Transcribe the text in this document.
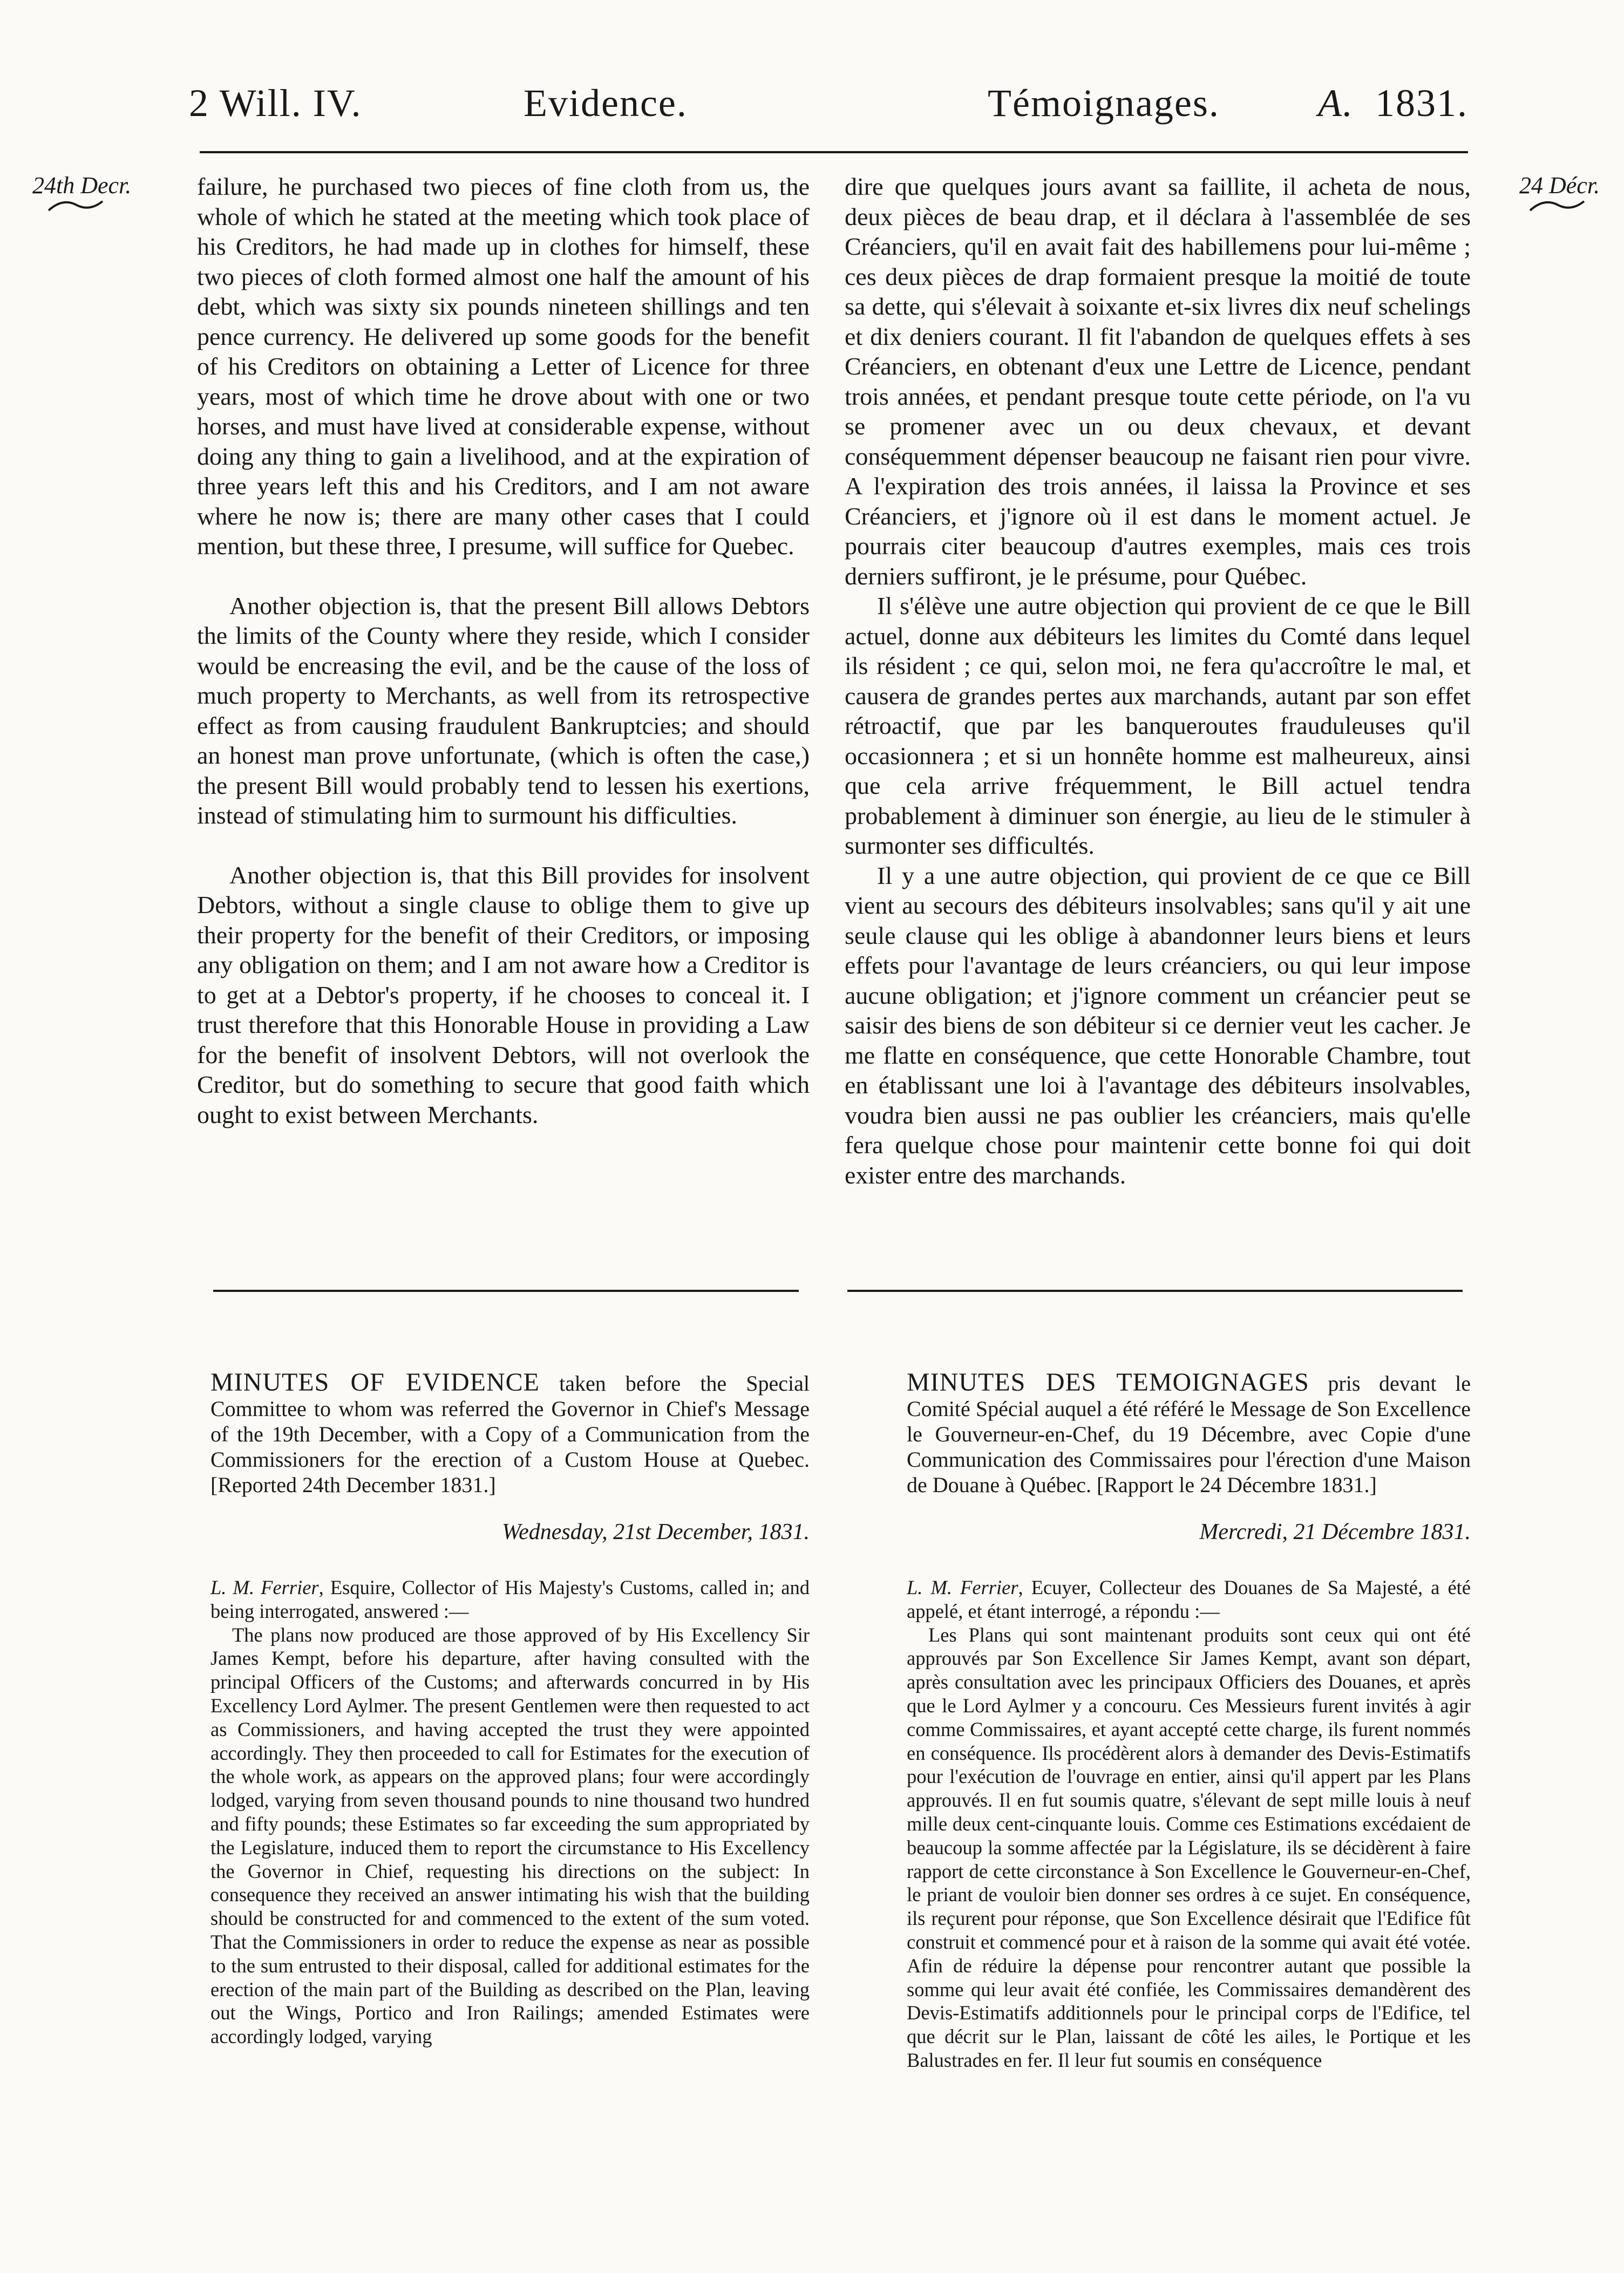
2 Will. IV.	Evidence.	Témoignages.	A. 1831.
24th Decr.	24 Décr.

failure, he purchased two pieces of fine cloth from us, the whole of which he stated at the meeting which took place of his Creditors, he had made up in clothes for himself, these two pieces of cloth formed almost one half the amount of his debt, which was sixty six pounds nineteen shillings and ten pence currency. He delivered up some goods for the benefit of his Creditors on obtaining a Letter of Licence for three years, most of which time he drove about with one or two horses, and must have lived at considerable expense, without doing any thing to gain a livelihood, and at the expiration of three years left this and his Creditors, and I am not aware where he now is; there are many other cases that I could mention, but these three, I presume, will suffice for Quebec.

Another objection is, that the present Bill allows Debtors the limits of the County where they reside, which I consider would be encreasing the evil, and be the cause of the loss of much property to Merchants, as well from its retrospective effect as from causing fraudulent Bankruptcies; and should an honest man prove unfortunate, (which is often the case,) the present Bill would probably tend to lessen his exertions, instead of stimulating him to surmount his difficulties.

Another objection is, that this Bill provides for insolvent Debtors, without a single clause to oblige them to give up their property for the benefit of their Creditors, or imposing any obligation on them; and I am not aware how a Creditor is to get at a Debtor's property, if he chooses to conceal it. I trust therefore that this Honorable House in providing a Law for the benefit of insolvent Debtors, will not overlook the Creditor, but do something to secure that good faith which ought to exist between Merchants.

dire que quelques jours avant sa faillite, il acheta de nous, deux pièces de beau drap, et il déclara à l'assemblée de ses Créanciers, qu'il en avait fait des habillemens pour lui-même ; ces deux pièces de drap formaient presque la moitié de toute sa dette, qui s'élevait à soixante et-six livres dix neuf schelings et dix deniers courant. Il fit l'abandon de quelques effets à ses Créanciers, en obtenant d'eux une Lettre de Licence, pendant trois années, et pendant presque toute cette période, on l'a vu se promener avec un ou deux chevaux, et devant conséquemment dépenser beaucoup ne faisant rien pour vivre. A l'expiration des trois années, il laissa la Province et ses Créanciers, et j'ignore où il est dans le moment actuel. Je pourrais citer beaucoup d'autres exemples, mais ces trois derniers suffiront, je le présume, pour Québec.

Il s'élève une autre objection qui provient de ce que le Bill actuel, donne aux débiteurs les limites du Comté dans lequel ils résident ; ce qui, selon moi, ne fera qu'accroître le mal, et causera de grandes pertes aux marchands, autant par son effet rétroactif, que par les banqueroutes frauduleuses qu'il occasionnera ; et si un honnête homme est malheureux, ainsi que cela arrive fréquemment, le Bill actuel tendra probablement à diminuer son énergie, au lieu de le stimuler à surmonter ses difficultés.

Il y a une autre objection, qui provient de ce que ce Bill vient au secours des débiteurs insolvables; sans qu'il y ait une seule clause qui les oblige à abandonner leurs biens et leurs effets pour l'avantage de leurs créanciers, ou qui leur impose aucune obligation; et j'ignore comment un créancier peut se saisir des biens de son débiteur si ce dernier veut les cacher. Je me flatte en conséquence, que cette Honorable Chambre, tout en établissant une loi à l'avantage des débiteurs insolvables, voudra bien aussi ne pas oublier les créanciers, mais qu'elle fera quelque chose pour maintenir cette bonne foi qui doit exister entre des marchands.

MINUTES OF EVIDENCE taken before the Special Committee to whom was referred the Governor in Chief's Message of the 19th December, with a Copy of a Communication from the Commissioners for the erection of a Custom House at Quebec. [Reported 24th December 1831.]
MINUTES DES TEMOIGNAGES pris devant le Comité Spécial auquel a été référé le Message de Son Excellence le Gouverneur-en-Chef, du 19 Décembre, avec Copie d'une Communication des Commissaires pour l'érection d'une Maison de Douane à Québec. [Rapport le 24 Décembre 1831.]
Wednesday, 21st December, 1831.	Mercredi, 21 Décembre 1831.

L. M. Ferrier, Esquire, Collector of His Majesty's Customs, called in; and being interrogated, answered :—

The plans now produced are those approved of by His Excellency Sir James Kempt, before his departure, after having consulted with the principal Officers of the Customs; and afterwards concurred in by His Excellency Lord Aylmer. The present Gentlemen were then requested to act as Commissioners, and having accepted the trust they were appointed accordingly. They then proceeded to call for Estimates for the execution of the whole work, as appears on the approved plans; four were accordingly lodged, varying from seven thousand pounds to nine thousand two hundred and fifty pounds; these Estimates so far exceeding the sum appropriated by the Legislature, induced them to report the circumstance to His Excellency the Governor in Chief, requesting his directions on the subject: In consequence they received an answer intimating his wish that the building should be constructed for and commenced to the extent of the sum voted. That the Commissioners in order to reduce the expense as near as possible to the sum entrusted to their disposal, called for additional estimates for the erection of the main part of the Building as described on the Plan, leaving out the Wings, Portico and Iron Railings; amended Estimates were accordingly lodged, varying

L. M. Ferrier, Ecuyer, Collecteur des Douanes de Sa Majesté, a été appelé, et étant interrogé, a répondu :—

Les Plans qui sont maintenant produits sont ceux qui ont été approuvés par Son Excellence Sir James Kempt, avant son départ, après consultation avec les principaux Officiers des Douanes, et après que le Lord Aylmer y a concouru. Ces Messieurs furent invités à agir comme Commissaires, et ayant accepté cette charge, ils furent nommés en conséquence. Ils procédèrent alors à demander des Devis-Estimatifs pour l'exécution de l'ouvrage en entier, ainsi qu'il appert par les Plans approuvés. Il en fut soumis quatre, s'élevant de sept mille louis à neuf mille deux cent-cinquante louis. Comme ces Estimations excédaient de beaucoup la somme affectée par la Législature, ils se décidèrent à faire rapport de cette circonstance à Son Excellence le Gouverneur-en-Chef, le priant de vouloir bien donner ses ordres à ce sujet. En conséquence, ils reçurent pour réponse, que Son Excellence désirait que l'Edifice fût construit et commencé pour et à raison de la somme qui avait été votée. Afin de réduire la dépense pour rencontrer autant que possible la somme qui leur avait été confiée, les Commissaires demandèrent des Devis-Estimatifs additionnels pour le principal corps de l'Edifice, tel que décrit sur le Plan, laissant de côté les ailes, le Portique et les Balustrades en fer. Il leur fut soumis en conséquence
